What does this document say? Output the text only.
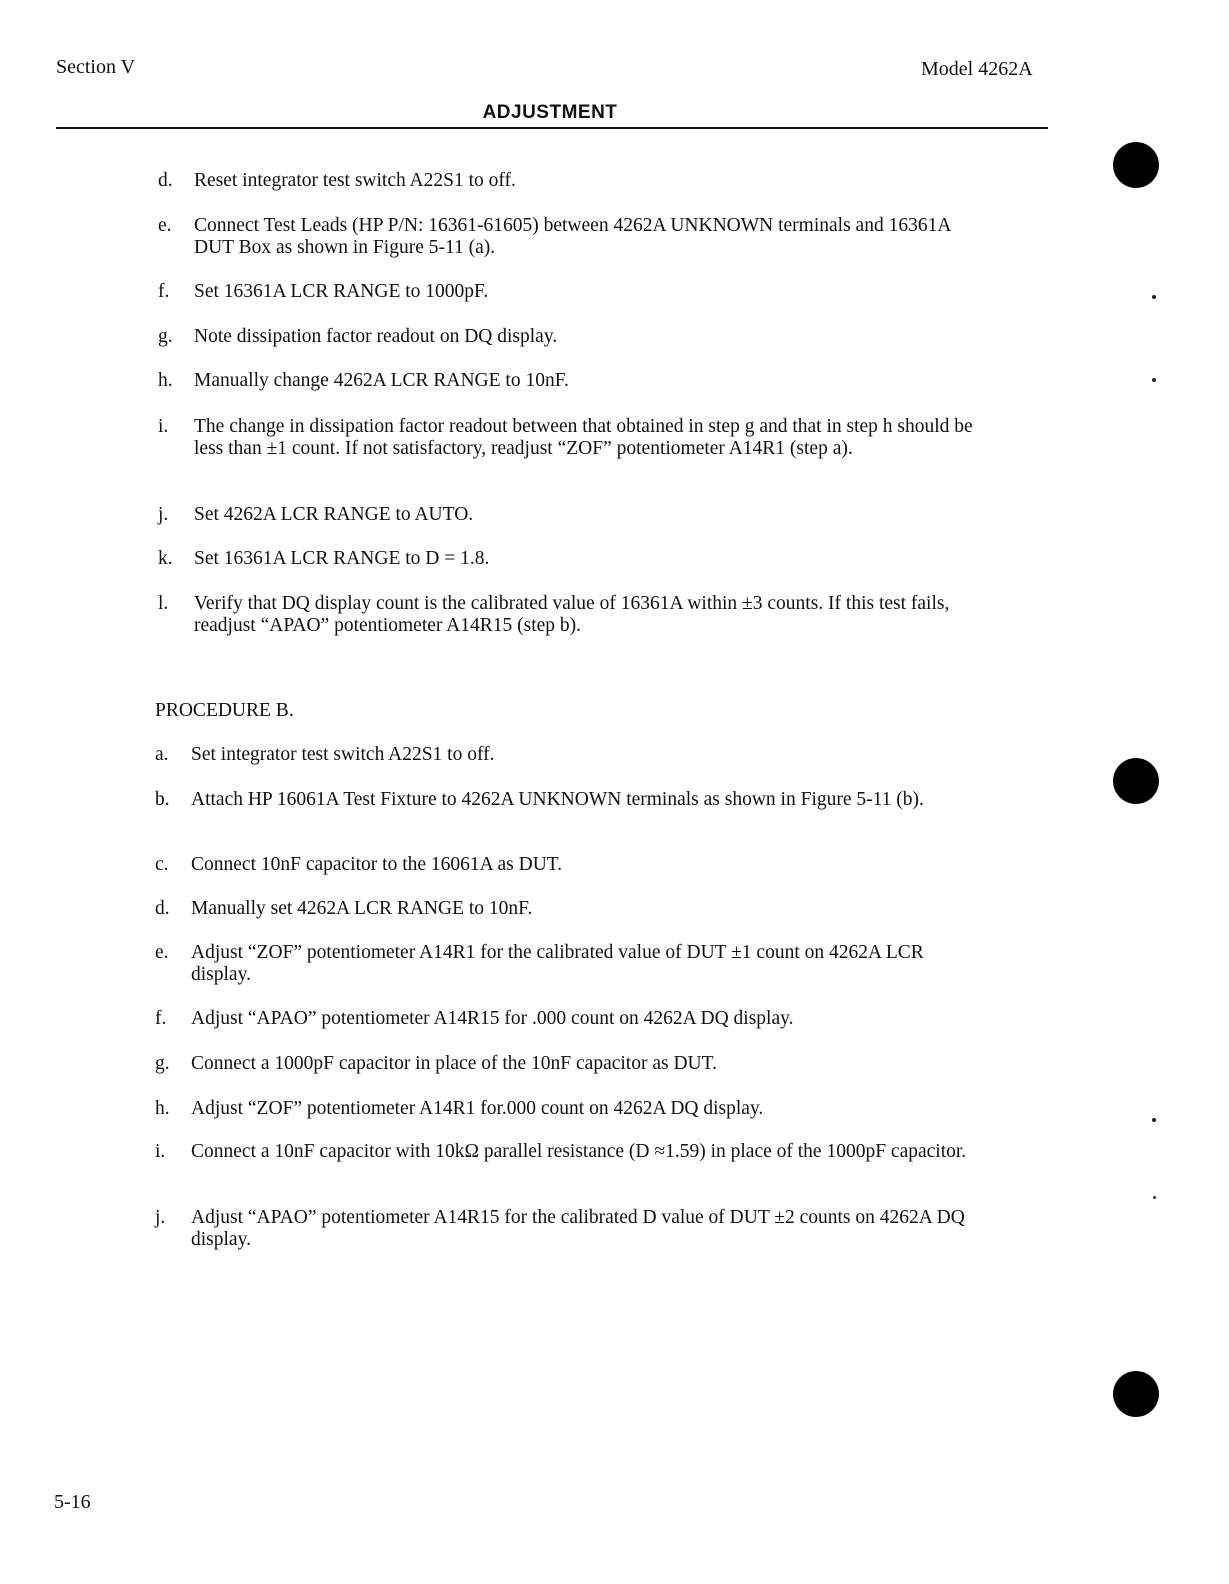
Section V	Model 4262A
ADJUSTMENT
d.	Reset integrator test switch A22S1 to off.
e.	Connect Test Leads (HP P/N: 16361-61605) between 4262A UNKNOWN terminals and 16361A DUT Box as shown in Figure 5-11 (a).
f.	Set 16361A LCR RANGE to 1000pF.
g.	Note dissipation factor readout on DQ display.
h.	Manually change 4262A LCR RANGE to 10nF.
i.	The change in dissipation factor readout between that obtained in step g and that in step h should be less than ±1 count. If not satisfactory, readjust “ZOF” potentiometer A14R1 (step a).
j.	Set 4262A LCR RANGE to AUTO.
k.	Set 16361A LCR RANGE to D = 1.8.
l.	Verify that DQ display count is the calibrated value of 16361A within ±3 counts. If this test fails, readjust “APAO” potentiometer A14R15 (step b).
PROCEDURE B.
a.	Set integrator test switch A22S1 to off.
b.	Attach HP 16061A Test Fixture to 4262A UNKNOWN terminals as shown in Figure 5-11 (b).
c.	Connect 10nF capacitor to the 16061A as DUT.
d.	Manually set 4262A LCR RANGE to 10nF.
e.	Adjust “ZOF” potentiometer A14R1 for the calibrated value of DUT ±1 count on 4262A LCR display.
f.	Adjust “APAO” potentiometer A14R15 for .000 count on 4262A DQ display.
g.	Connect a 1000pF capacitor in place of the 10nF capacitor as DUT.
h.	Adjust “ZOF” potentiometer A14R1 for.000 count on 4262A DQ display.
i.	Connect a 10nF capacitor with 10kΩ parallel resistance (D ≈1.59) in place of the 1000pF capacitor.
j.	Adjust “APAO” potentiometer A14R15 for the calibrated D value of DUT ±2 counts on 4262A DQ display.
5-16
